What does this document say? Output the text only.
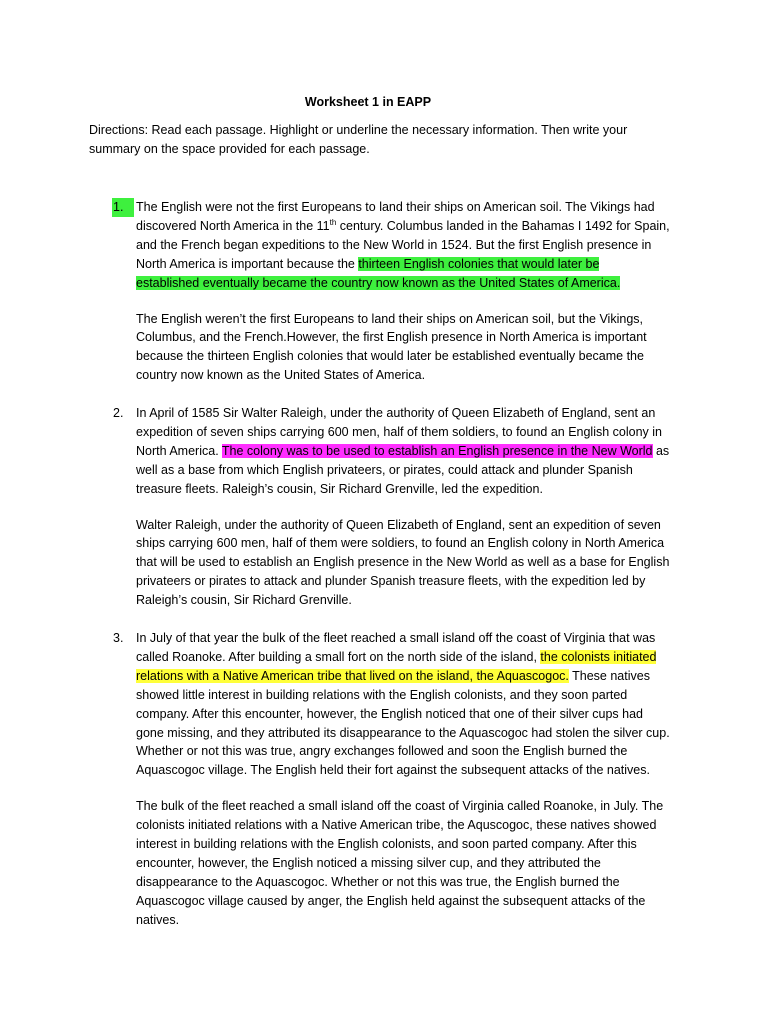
Worksheet 1 in EAPP
Directions: Read each passage. Highlight or underline the necessary information. Then write your
summary on the space provided for each passage.
1.	The English were not the first Europeans to land their ships on American soil. The Vikings had
discovered North America in the 11th century. Columbus landed in the Bahamas I 1492 for Spain,
and the French began expeditions to the New World in 1524. But the first English presence in
North America is important because the thirteen English colonies that would later be
established eventually became the country now known as the United States of America.
The English weren’t the first Europeans to land their ships on American soil, but the Vikings,
Columbus, and the French.However, the first English presence in North America is important
because the thirteen English colonies that would later be established eventually became the
country now known as the United States of America.
2.	In April of 1585 Sir Walter Raleigh, under the authority of Queen Elizabeth of England, sent an
expedition of seven ships carrying 600 men, half of them soldiers, to found an English colony in
North America. The colony was to be used to establish an English presence in the New World as
well as a base from which English privateers, or pirates, could attack and plunder Spanish
treasure fleets. Raleigh’s cousin, Sir Richard Grenville, led the expedition.
Walter Raleigh, under the authority of Queen Elizabeth of England, sent an expedition of seven
ships carrying 600 men, half of them were soldiers, to found an English colony in North America
that will be used to establish an English presence in the New World as well as a base for English
privateers or pirates to attack and plunder Spanish treasure fleets, with the expedition led by
Raleigh’s cousin, Sir Richard Grenville.
3.	In July of that year the bulk of the fleet reached a small island off the coast of Virginia that was
called Roanoke. After building a small fort on the north side of the island, the colonists initiated
relations with a Native American tribe that lived on the island, the Aquascogoc. These natives
showed little interest in building relations with the English colonists, and they soon parted
company. After this encounter, however, the English noticed that one of their silver cups had
gone missing, and they attributed its disappearance to the Aquascogoc had stolen the silver cup.
Whether or not this was true, angry exchanges followed and soon the English burned the
Aquascogoc village. The English held their fort against the subsequent attacks of the natives.
The bulk of the fleet reached a small island off the coast of Virginia called Roanoke, in July. The
colonists initiated relations with a Native American tribe, the Aquscogoc, these natives showed
interest in building relations with the English colonists, and soon parted company. After this
encounter, however, the English noticed a missing silver cup, and they attributed the
disappearance to the Aquascogoc. Whether or not this was true, the English burned the
Aquascogoc village caused by anger, the English held against the subsequent attacks of the
natives.
